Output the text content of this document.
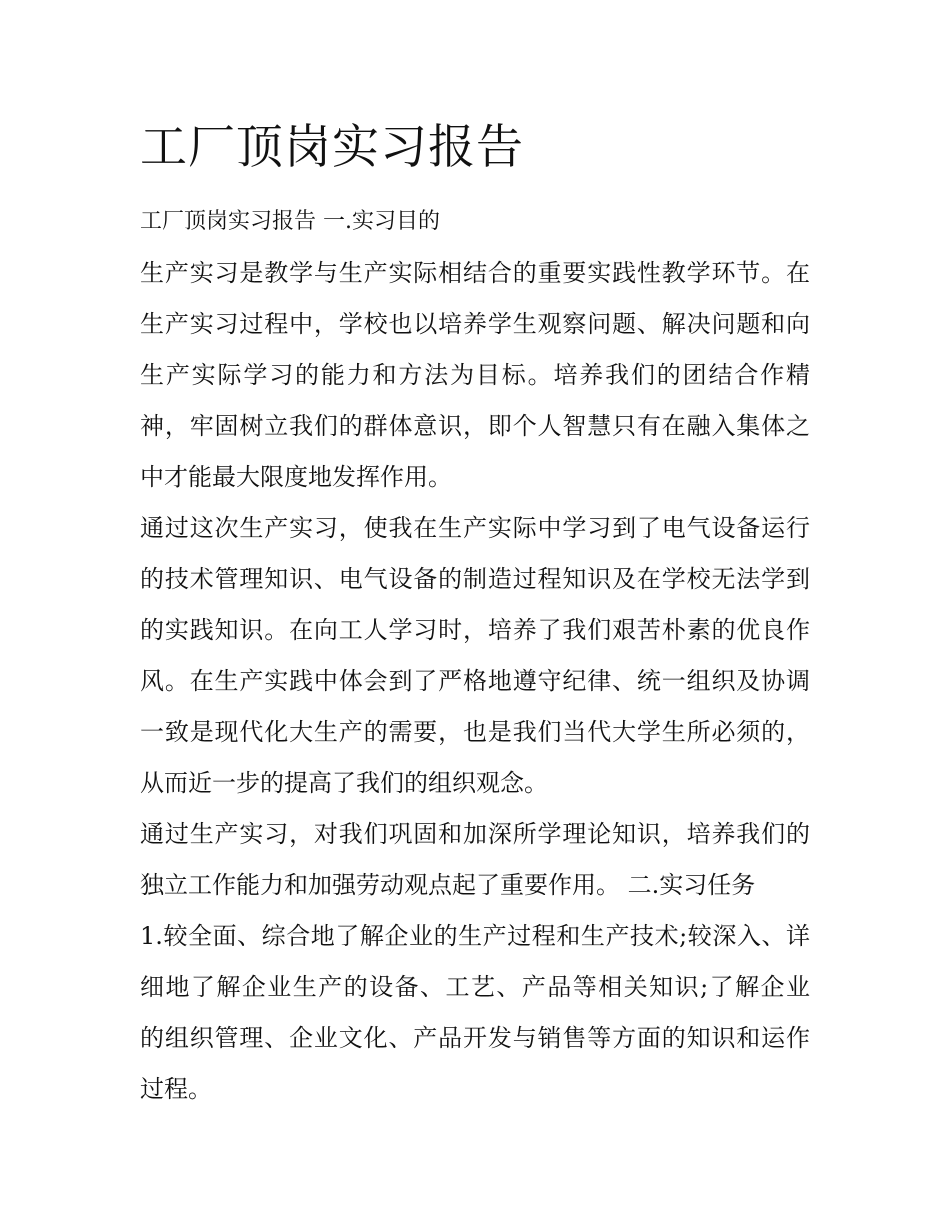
工厂顶岗实习报告
工厂顶岗实习报告 一.实习目的
生产实习是教学与生产实际相结合的重要实践性教学环节。在
生产实习过程中，学校也以培养学生观察问题、解决问题和向
生产实际学习的能力和方法为目标。培养我们的团结合作精
神，牢固树立我们的群体意识，即个人智慧只有在融入集体之
中才能最大限度地发挥作用。
通过这次生产实习，使我在生产实际中学习到了电气设备运行
的技术管理知识、电气设备的制造过程知识及在学校无法学到
的实践知识。在向工人学习时，培养了我们艰苦朴素的优良作
风。在生产实践中体会到了严格地遵守纪律、统一组织及协调
一致是现代化大生产的需要，也是我们当代大学生所必须的，
从而近一步的提高了我们的组织观念。
通过生产实习，对我们巩固和加深所学理论知识，培养我们的
独立工作能力和加强劳动观点起了重要作用。 二.实习任务
1.较全面、综合地了解企业的生产过程和生产技术;较深入、详
细地了解企业生产的设备、工艺、产品等相关知识;了解企业
的组织管理、企业文化、产品开发与销售等方面的知识和运作
过程。
